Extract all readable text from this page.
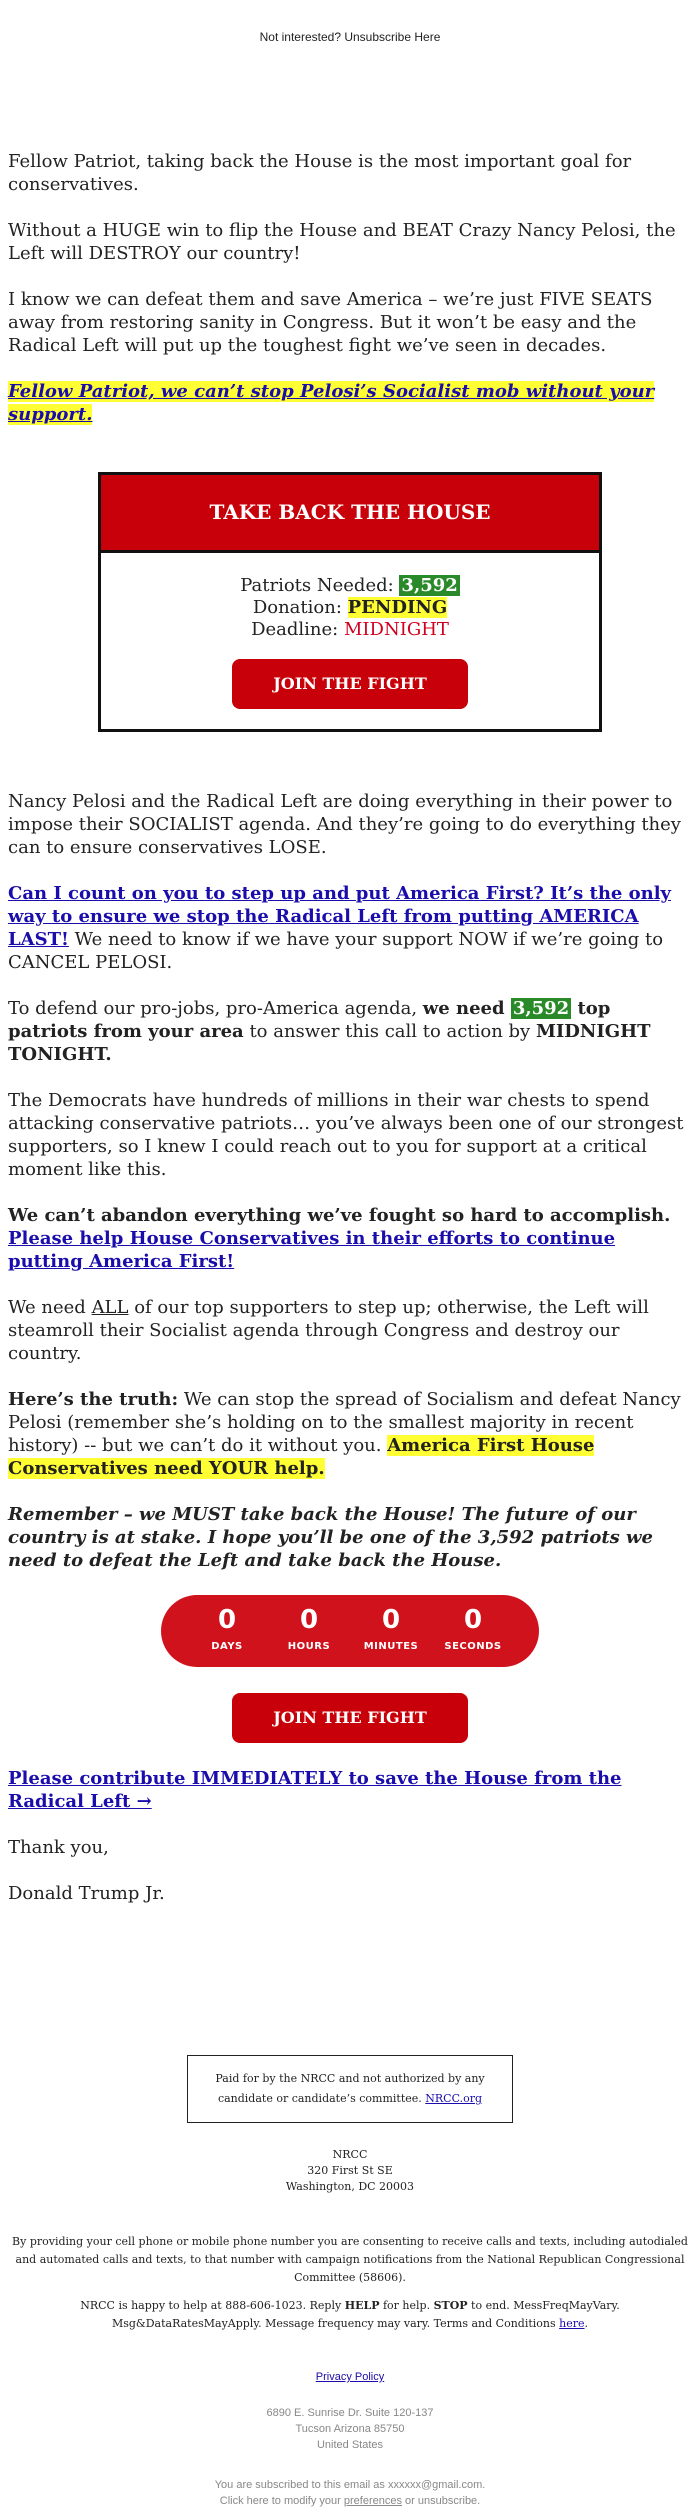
Not interested? Unsubscribe Here

Fellow Patriot, taking back the House is the most important goal for conservatives.

Without a HUGE win to flip the House and BEAT Crazy Nancy Pelosi, the Left will DESTROY our country!

I know we can defeat them and save America – we’re just FIVE SEATS away from restoring sanity in Congress. But it won’t be easy and the Radical Left will put up the toughest fight we’ve seen in decades.

Fellow Patriot, we can’t stop Pelosi’s Socialist mob without your support.

TAKE BACK THE HOUSE
Patriots Needed: 3,592
Donation: PENDING
Deadline: MIDNIGHT
JOIN THE FIGHT

Nancy Pelosi and the Radical Left are doing everything in their power to impose their SOCIALIST agenda. And they’re going to do everything they can to ensure conservatives LOSE.

Can I count on you to step up and put America First? It’s the only way to ensure we stop the Radical Left from putting AMERICA LAST! We need to know if we have your support NOW if we’re going to CANCEL PELOSI.

To defend our pro-jobs, pro-America agenda, we need 3,592 top patriots from your area to answer this call to action by MIDNIGHT TONIGHT.

The Democrats have hundreds of millions in their war chests to spend attacking conservative patriots… you’ve always been one of our strongest supporters, so I knew I could reach out to you for support at a critical moment like this.

We can’t abandon everything we’ve fought so hard to accomplish. Please help House Conservatives in their efforts to continue putting America First!

We need ALL of our top supporters to step up; otherwise, the Left will steamroll their Socialist agenda through Congress and destroy our country.

Here’s the truth: We can stop the spread of Socialism and defeat Nancy Pelosi (remember she’s holding on to the smallest majority in recent history) -- but we can’t do it without you. America First House Conservatives need YOUR help.

Remember – we MUST take back the House! The future of our country is at stake. I hope you’ll be one of the 3,592 patriots we need to defeat the Left and take back the House.

0
DAYS
0
HOURS
0
MINUTES
0
SECONDS
JOIN THE FIGHT

Please contribute IMMEDIATELY to save the House from the Radical Left →

Thank you,

Donald Trump Jr.

Paid for by the NRCC and not authorized by any candidate or candidate’s committee. NRCC.org
NRCC
320 First St SE
Washington, DC 20003
By providing your cell phone or mobile phone number you are consenting to receive calls and texts, including autodialed and automated calls and texts, to that number with campaign notifications from the National Republican Congressional Committee (58606).
NRCC is happy to help at 888-606-1023. Reply HELP for help. STOP to end. MessFreqMayVary. Msg&DataRatesMayApply. Message frequency may vary. Terms and Conditions here.
Privacy Policy
6890 E. Sunrise Dr. Suite 120-137
Tucson Arizona 85750
United States
You are subscribed to this email as xxxxxx@gmail.com.
Click here to modify your preferences or unsubscribe.
